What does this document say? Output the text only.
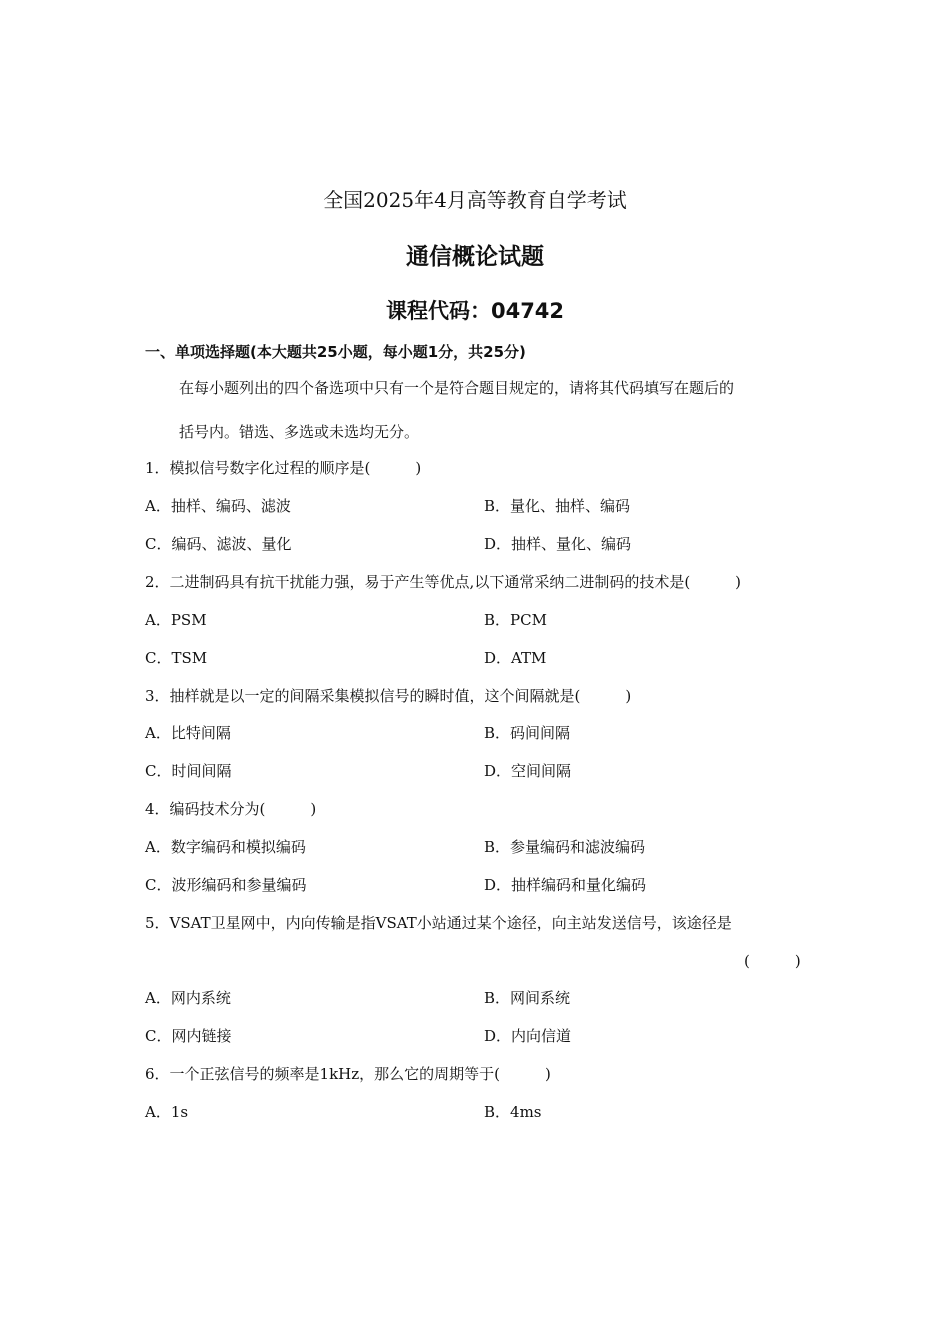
全国2025年4月高等教育自学考试
通信概论试题
课程代码：04742
一、单项选择题(本大题共25小题，每小题1分，共25分)
在每小题列出的四个备选项中只有一个是符合题目规定的，请将其代码填写在题后的
括号内。错选、多选或未选均无分。
1．模拟信号数字化过程的顺序是(　　　)
A．抽样、编码、滤波	B．量化、抽样、编码
C．编码、滤波、量化	D．抽样、量化、编码
2．二进制码具有抗干扰能力强，易于产生等优点,以下通常采纳二进制码的技术是(　　　)
A．PSM	B．PCM
C．TSM	D．ATM
3．抽样就是以一定的间隔采集模拟信号的瞬时值，这个间隔就是(　　　)
A．比特间隔	B．码间间隔
C．时间间隔	D．空间间隔
4．编码技术分为(　　　)
A．数字编码和模拟编码	B．参量编码和滤波编码
C．波形编码和参量编码	D．抽样编码和量化编码
5．VSAT卫星网中，内向传输是指VSAT小站通过某个途径，向主站发送信号，该途径是
(　　　)
A．网内系统	B．网间系统
C．网内链接	D．内向信道
6．一个正弦信号的频率是1kHz，那么它的周期等于(　　　)
A．1s	B．4ms
